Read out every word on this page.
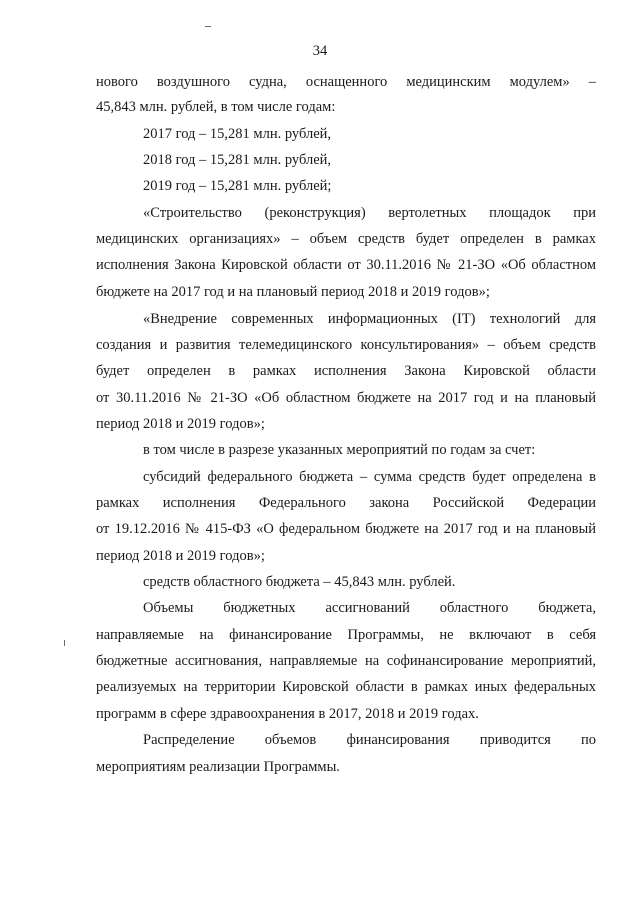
34
нового воздушного судна, оснащенного медицинским модулем» –
45,843 млн. рублей, в том числе годам:
2017 год – 15,281 млн. рублей,
2018 год – 15,281 млн. рублей,
2019 год – 15,281 млн. рублей;
«Строительство (реконструкция) вертолетных площадок при
медицинских организациях» – объем средств будет определен в рамках
исполнения Закона Кировской области от 30.11.2016 № 21-ЗО «Об областном
бюджете на 2017 год и на плановый период 2018 и 2019 годов»;
«Внедрение современных информационных (IT) технологий для
создания и развития телемедицинского консультирования» – объем средств
будет определен в рамках исполнения Закона Кировской области
от 30.11.2016 № 21-ЗО «Об областном бюджете на 2017 год и на плановый
период 2018 и 2019 годов»;
в том числе в разрезе указанных мероприятий по годам за счет:
субсидий федерального бюджета – сумма средств будет определена в
рамках исполнения Федерального закона Российской Федерации
от 19.12.2016 № 415-ФЗ «О федеральном бюджете на 2017 год и на плановый
период 2018 и 2019 годов»;
средств областного бюджета – 45,843 млн. рублей.
Объемы бюджетных ассигнований областного бюджета,
направляемые на финансирование Программы, не включают в себя
бюджетные ассигнования, направляемые на софинансирование мероприятий,
реализуемых на территории Кировской области в рамках иных федеральных
программ в сфере здравоохранения в 2017, 2018 и 2019 годах.
Распределение объемов финансирования приводится по
мероприятиям реализации Программы.
